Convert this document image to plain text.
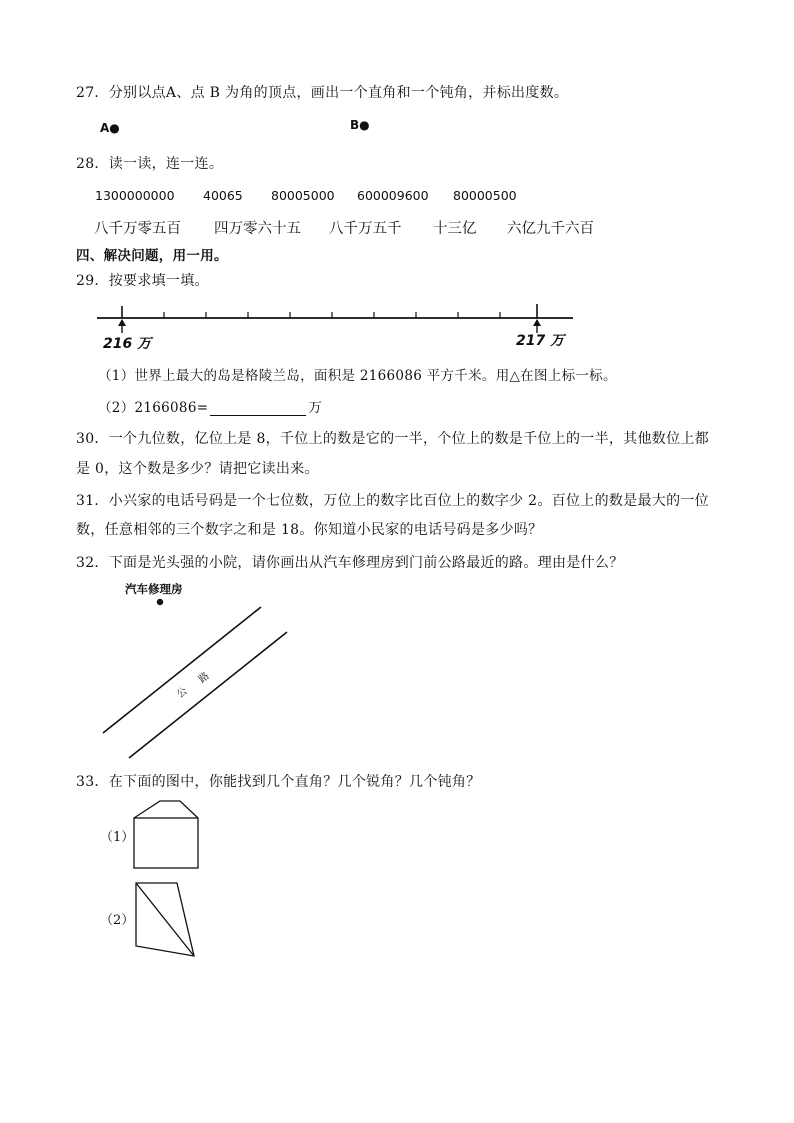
27．分别以点A、点 B 为角的顶点，画出一个直角和一个钝角，并标出度数。
A●	B●
28．读一读，连一连。
1300000000 40065 80005000 600009600 80000500
八千万零五百 四万零六十五 八千万五千 十三亿 六亿九千六百
四、解决问题，用一用。
29．按要求填一填。
216 万	217 万
（1）世界上最大的岛是格陵兰岛，面积是 2166086 平方千米。用△在图上标一标。
（2）2166086=	万
30．一个九位数，亿位上是 8，千位上的数是它的一半，个位上的数是千位上的一半，其他数位上都
是 0，这个数是多少？请把它读出来。
31．小兴家的电话号码是一个七位数，万位上的数字比百位上的数字少 2。百位上的数是最大的一位
数，任意相邻的三个数字之和是 18。你知道小民家的电话号码是多少吗？
32．下面是光头强的小院，请你画出从汽车修理房到门前公路最近的路。理由是什么？
汽车修理房
公
路
33．在下面的图中，你能找到几个直角？几个锐角？几个钝角？
（1）
（2）
